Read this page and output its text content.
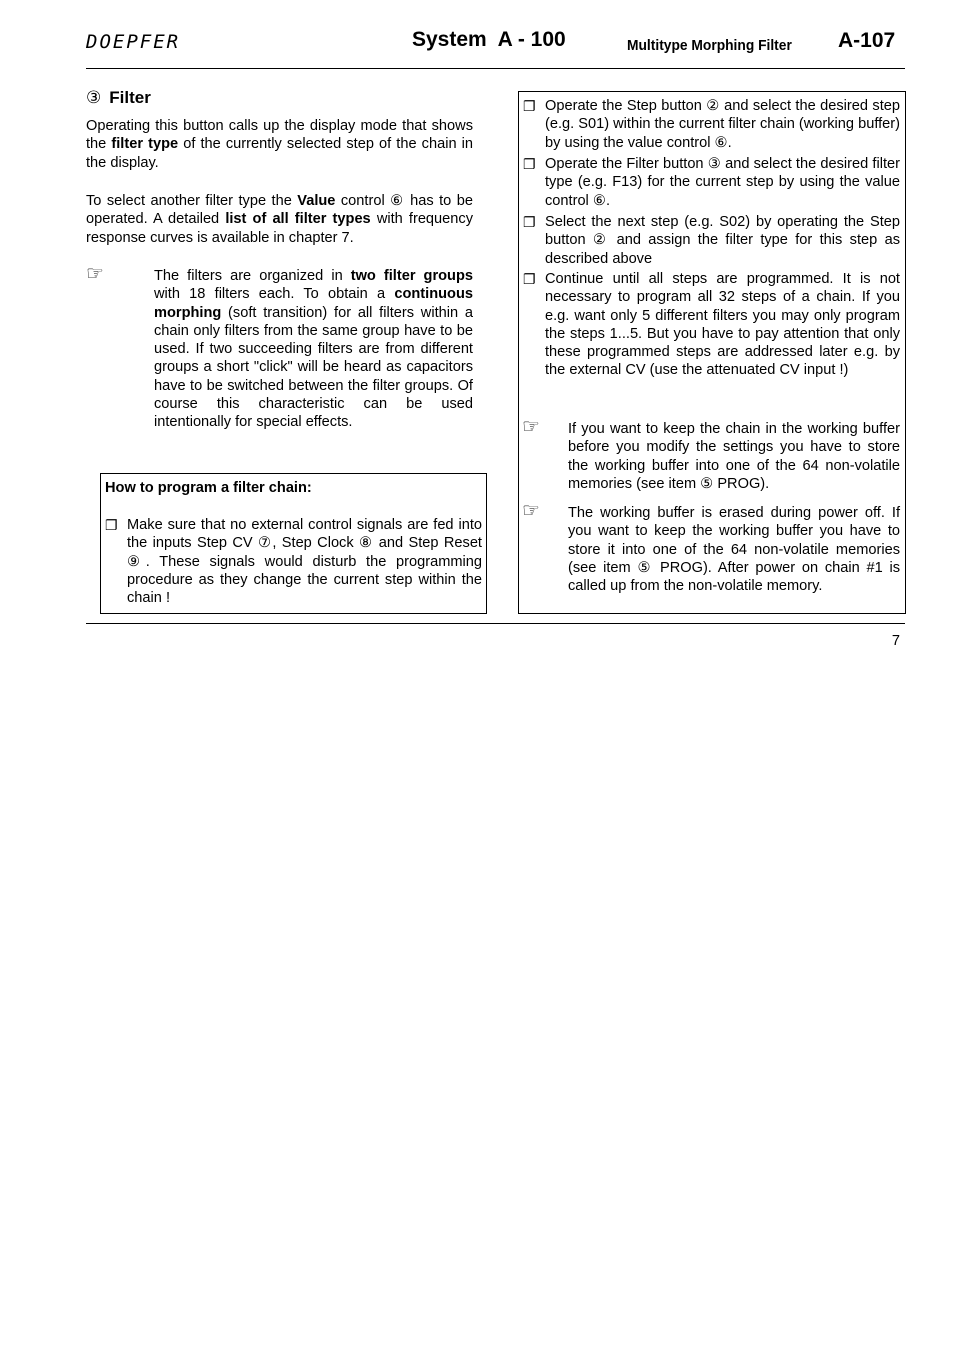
DOEPFER	System  A - 100	Multitype Morphing Filter A-107
③ Filter
Operating this button calls up the display mode that shows the filter type of the currently selected step of the chain in the display.
To select another filter type the Value control ⑥ has to be operated. A detailed list of all filter types with frequency response curves is available in chapter 7.
☞	The filters are organized in two filter groups with 18 filters each. To obtain a continuous morphing (soft transition) for all filters within a chain only filters from the same group have to be used. If two succeeding filters are from different groups a short "click" will be heard as capacitors have to be switched between the filter groups. Of course this characteristic can be used intentionally for special effects.
How to program a filter chain:
❐ Make sure that no external control signals are fed into the inputs Step CV ⑦, Step Clock ⑧ and Step Reset ⑨. These signals would disturb the programming procedure as they change the current step within the chain !
❐ Operate the Step button ② and select the desired step (e.g. S01) within the current filter chain (working buffer) by using the value control ⑥.
❐ Operate the Filter button ③ and select the desired filter type (e.g. F13) for the current step by using the value control ⑥.
❐ Select the next step (e.g. S02) by operating the Step button ② and assign the filter type for this step as described above
❐ Continue until all steps are programmed. It is not necessary to program all 32 steps of a chain. If you e.g. want only 5 different filters you may only program the steps 1...5. But you have to pay attention that only these programmed steps are addressed later e.g. by the external CV (use the attenuated CV input !)
☞ If you want to keep the chain in the working buffer before you modify the settings you have to store the working buffer into one of the 64 non-volatile memories (see item ⑤ PROG).
☞ The working buffer is erased during power off. If you want to keep the working buffer you have to store it into one of the 64 non-volatile memories (see item ⑤ PROG). After power on chain #1 is called up from the non-volatile memory.
7
